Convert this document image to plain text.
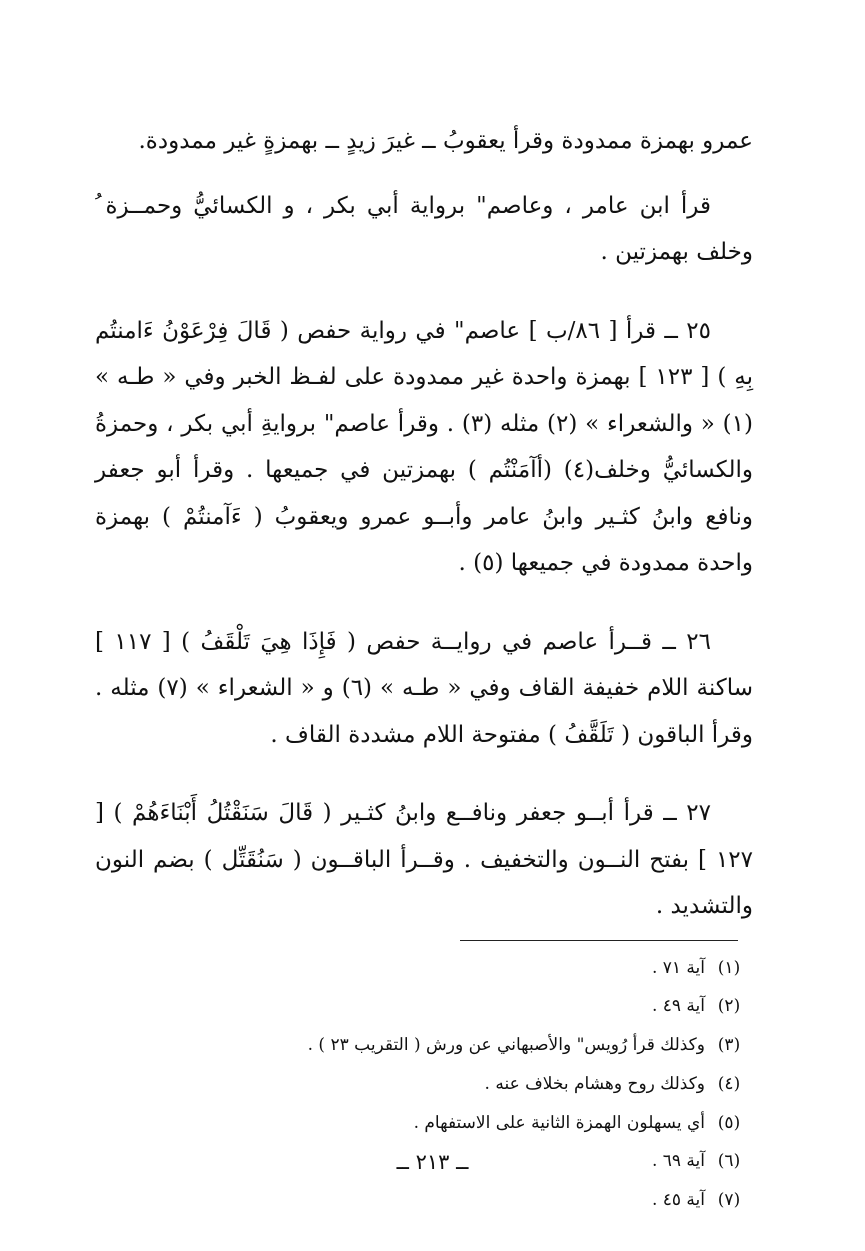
عمرو بهمزة ممدودة وقرأ يعقوبُ ــ غيرَ زيدٍ ــ بهمزةٍ غير ممدودة.

قرأ ابن عامر ، وعاصم" برواية أبي بكر ، و الكسائيُّ وحمــزة ُ وخلف بهمزتين .

٢٥ ــ قرأ [ ٨٦/ب ] عاصم" في رواية حفص ( قَالَ فِرْعَوْنُ ءَامنتُم بِهِ ) [ ١٢٣ ] بهمزة واحدة غير ممدودة على لفـظ الخبر وفي « طـه » (١) « والشعراء » (٢) مثله (٣) . وقرأ عاصم" بروايةِ أبي بكر ، وحمزةُ والكسائيُّ وخلف(٤) (أآمَنْتُم ) بهمزتين في جميعها . وقرأ أبو جعفر ونافع وابنُ كثـير وابنُ عامر وأبــو عمرو ويعقوبُ ( ءَآمنتُمْ ) بهمزة واحدة ممدودة في جميعها (٥) .

٢٦ ــ قــرأ عاصم في روايــة حفص ( فَإِذَا هِيَ تَلْقَفُ ) [ ١١٧ ] ساكنة اللام خفيفة القاف وفي « طـه » (٦) و « الشعراء » (٧) مثله . وقرأ الباقون ( تَلَقَّفُ ) مفتوحة اللام مشددة القاف .

٢٧ ــ قرأ أبــو جعفر ونافــع وابنُ كثـير ( قَالَ سَنَقْتُلُ أَبْنَاءَهُمْ ) [ ١٢٧ ] بفتح النــون والتخفيف . وقــرأ الباقــون ( سَنُقَتِّل ) بضم النون والتشديد .

(١)
آية ٧١ .
(٢)
آية ٤٩ .
(٣)
وكذلك قرأ رُويس" والأصبهاني عن ورش ( التقريب ٢٣ ) .
(٤)
وكذلك روح وهشام بخلاف عنه .
(٥)
أي يسهلون الهمزة الثانية على الاستفهام .
(٦)
آية ٦٩ .
(٧)
آية ٤٥ .
ــ ٢١٣ ــ
